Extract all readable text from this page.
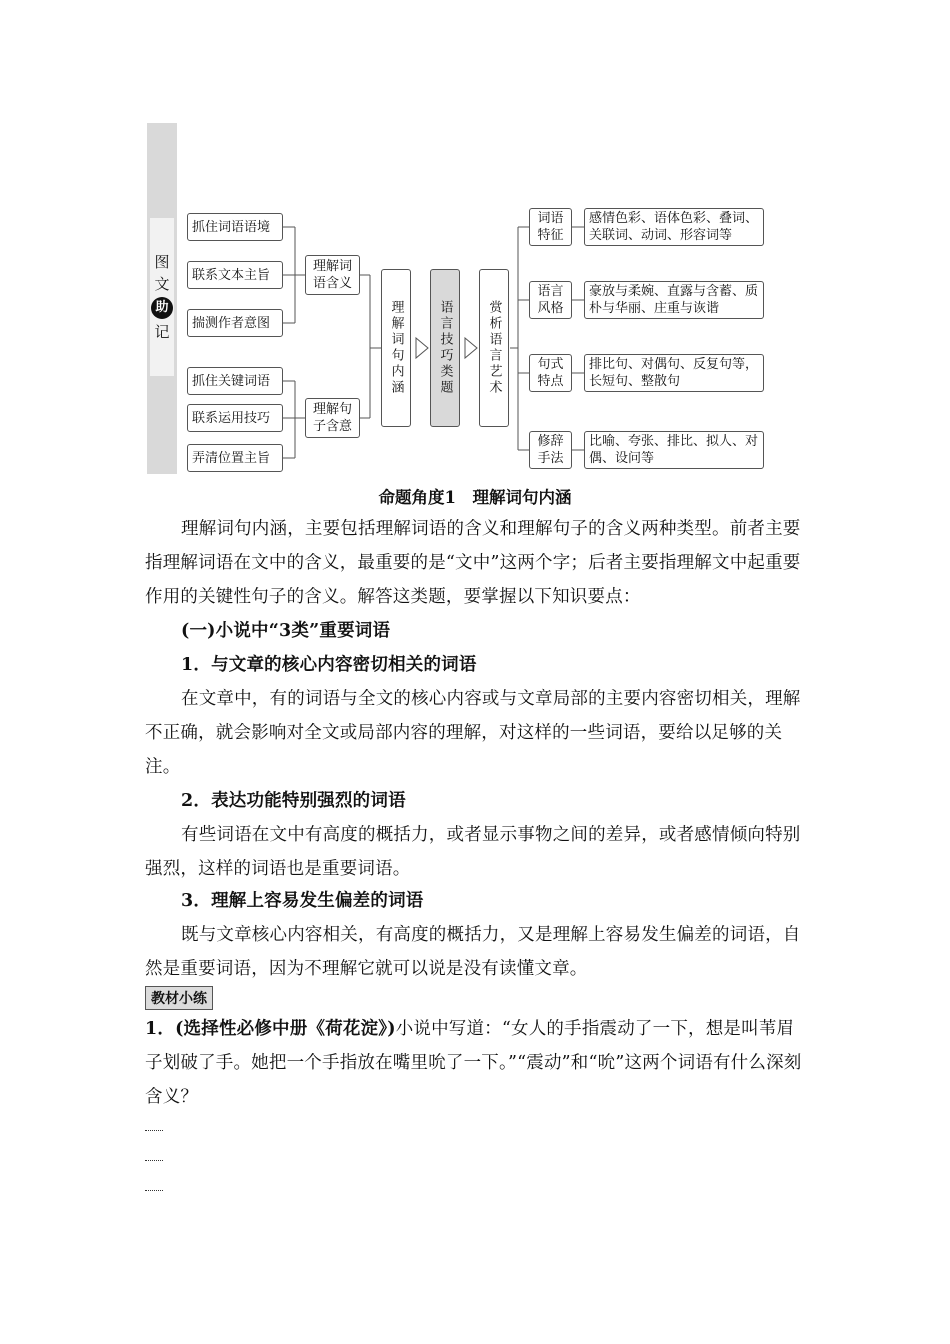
图
文
助
记
抓住词语语境
联系文本主旨
揣测作者意图
抓住关键词语
联系运用技巧
弄清位置主旨
理解词语含义
理解句子含意
理解词句内涵	语言技巧类题	赏析语言艺术
词语特征
语言风格
句式特点
修辞手法
感情色彩、语体色彩、叠词、关联词、动词、形容词等
豪放与柔婉、直露与含蓄、质朴与华丽、庄重与诙谐
排比句、对偶句、反复句等，长短句、整散句
比喻、夸张、排比、拟人、对偶、设问等
命题角度1　理解词句内涵
理解词句内涵，主要包括理解词语的含义和理解句子的含义两种类型。前者主要指理解词语在文中的含义，最重要的是“文中”这两个字；后者主要指理解文中起重要作用的关键性句子的含义。解答这类题，要掌握以下知识要点：
(一)小说中“3类”重要词语
1．与文章的核心内容密切相关的词语
在文章中，有的词语与全文的核心内容或与文章局部的主要内容密切相关，理解不正确，就会影响对全文或局部内容的理解，对这样的一些词语，要给以足够的关注。
2．表达功能特别强烈的词语
有些词语在文中有高度的概括力，或者显示事物之间的差异，或者感情倾向特别强烈，这样的词语也是重要词语。
3．理解上容易发生偏差的词语
既与文章核心内容相关，有高度的概括力，又是理解上容易发生偏差的词语，自然是重要词语，因为不理解它就可以说是没有读懂文章。
教材小练
1．(选择性必修中册《荷花淀》)小说中写道：“女人的手指震动了一下，想是叫苇眉子划破了手。她把一个手指放在嘴里吮了一下。”“震动”和“吮”这两个词语有什么深刻含义？
